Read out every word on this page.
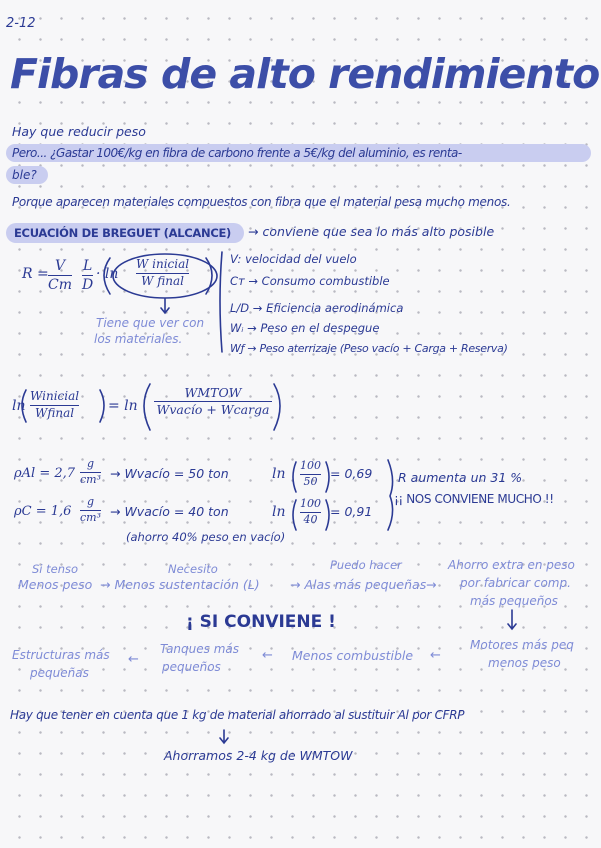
2-12
Fibras de alto rendimiento
Hay que reducir peso
Pero... ¿Gastar 100€/kg en fibra de carbono frente a 5€/kg del aluminio, es renta-
ble?
Porque aparecen materiales compuestos con fibra que el material pesa mucho menos.
ECUACIÓN DE BREGUET (ALCANCE) → conviene que sea lo más alto posible
R = V
Cт
L
D
· ln
W inicial
W final
Tiene que ver con
los materiales.
V: velocidad del vuelo
Cт → Consumo combustible
L/D → Eficiencia aerodinámica
Wᵢ → Peso en el despegue
Wƒ → Peso aterrizaje (Peso vacío + Carga + Reserva)
ln
Winicial
Wfinal = ln
WMTOW
Wvacío + Wcarga
ρAl = 2,7
g
cm³ → Wvacío = 50 ton	ln
100
50
= 0,69
ρC = 1,6
g
cm³ → Wvacío = 40 ton	ln
100
40
= 0,91
(ahorro 40% peso en vacío)
R aumenta un 31 %
¡¡ NOS CONVIENE MUCHO !!
Si tenso	Necesito	Puedo hacer
Menos peso → Menos sustentación (L) → Alas más pequeñas →
Ahorro extra en peso
por fabricar comp.
más pequeños
¡ SI CONVIENE !
Motores más peq
menos peso
←
Menos combustible
←
Tanques más
pequeños
←
Estructuras más
pequeñas
Hay que tener en cuenta que 1 kg de material ahorrado al sustituir Al por CFRP
Ahorramos 2-4 kg de WMTOW
